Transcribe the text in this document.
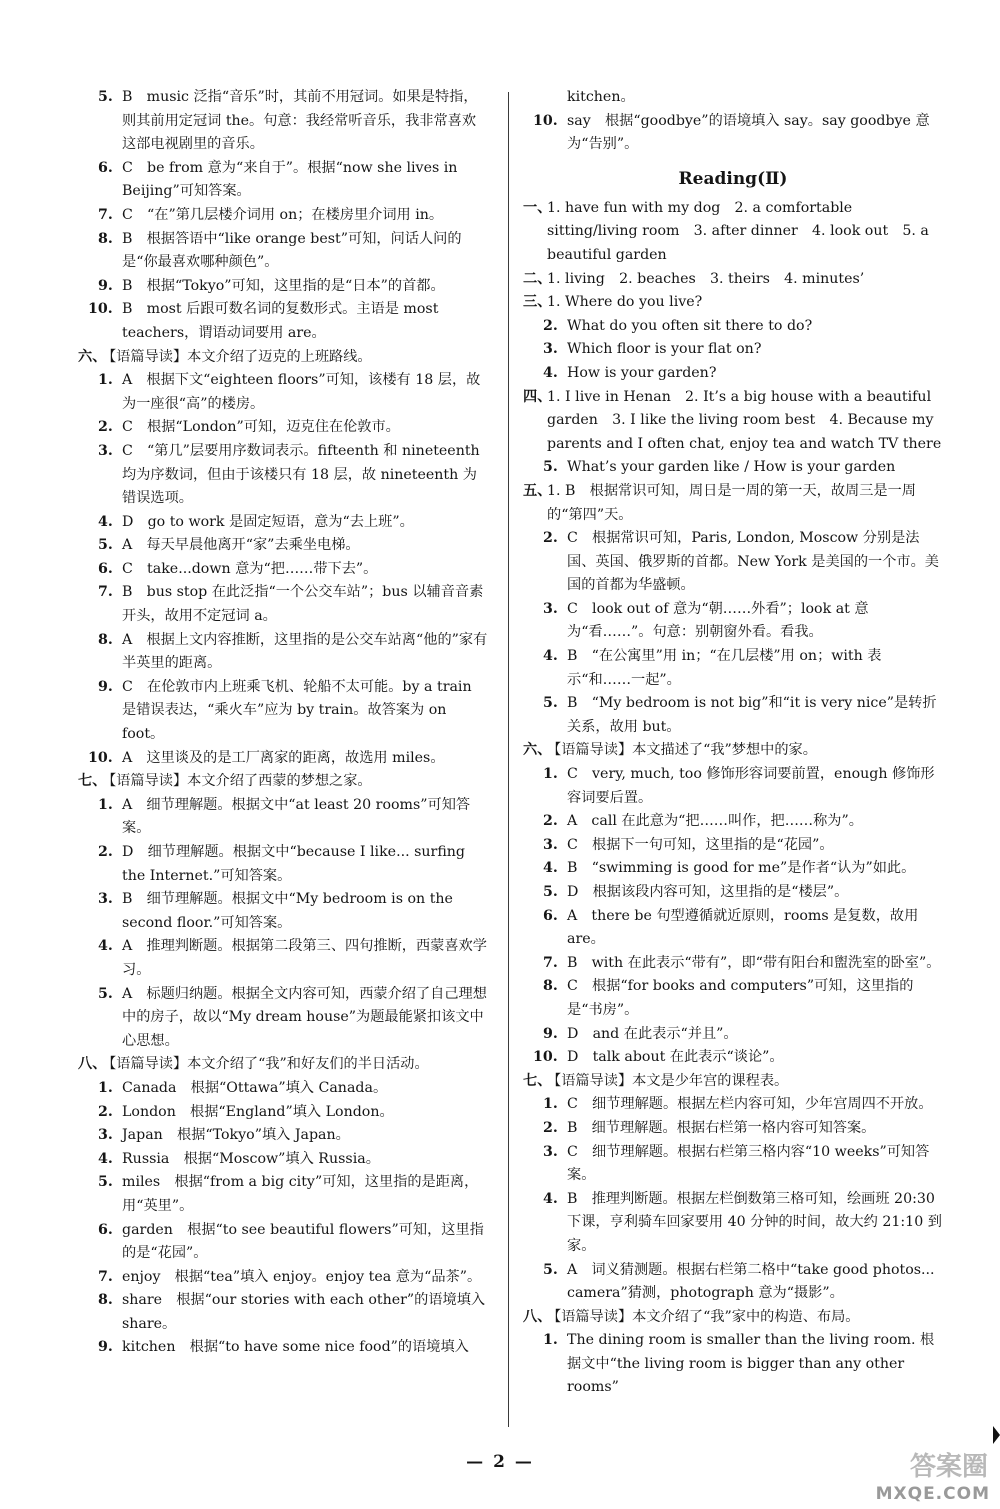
5. B　music 泛指“音乐”时，其前不用冠词。如果是特指，则其前用定冠词 the。句意：我经常听音乐，我非常喜欢这部电视剧里的音乐。
6. C　be from 意为“来自于”。根据“now she lives in Beijing”可知答案。
7. C　“在”第几层楼介词用 on；在楼房里介词用 in。
8. B　根据答语中“like orange best”可知，问话人问的是“你最喜欢哪种颜色”。
9. B　根据“Tokyo”可知，这里指的是“日本”的首都。
10. B　most 后跟可数名词的复数形式。主语是 most teachers，谓语动词要用 are。
六、
【语篇导读】本文介绍了迈克的上班路线。
1. A　根据下文“eighteen floors”可知，该楼有 18 层，故为一座很“高”的楼房。
2. C　根据“London”可知，迈克住在伦敦市。
3. C　“第几”层要用序数词表示。fifteenth 和 nineteenth 均为序数词，但由于该楼只有 18 层，故 nineteenth 为错误选项。
4. D　go to work 是固定短语，意为“去上班”。
5. A　每天早晨他离开“家”去乘坐电梯。
6. C　take...down 意为“把……带下去”。
7. B　bus stop 在此泛指“一个公交车站”；bus 以辅音音素开头，故用不定冠词 a。
8. A　根据上文内容推断，这里指的是公交车站离“他的”家有半英里的距离。
9. C　在伦敦市内上班乘飞机、轮船不太可能。by a train 是错误表达，“乘火车”应为 by train。故答案为 on foot。
10. A　这里谈及的是工厂离家的距离，故选用 miles。
七、
【语篇导读】本文介绍了西蒙的梦想之家。
1. A　细节理解题。根据文中“at least 20 rooms”可知答案。
2. D　细节理解题。根据文中“because I like... surfing the Internet.”可知答案。
3. B　细节理解题。根据文中“My bedroom is on the second floor.”可知答案。
4. A　推理判断题。根据第二段第三、四句推断，西蒙喜欢学习。
5. A　标题归纳题。根据全文内容可知，西蒙介绍了自己理想中的房子，故以“My dream house”为题最能紧扣该文中心思想。
八、
【语篇导读】本文介绍了“我”和好友们的半日活动。
1. Canada　根据“Ottawa”填入 Canada。
2. London　根据“England”填入 London。
3. Japan　根据“Tokyo”填入 Japan。
4. Russia　根据“Moscow”填入 Russia。
5. miles　根据“from a big city”可知，这里指的是距离，用“英里”。
6. garden　根据“to see beautiful flowers”可知，这里指的是“花园”。
7. enjoy　根据“tea”填入 enjoy。enjoy tea 意为“品茶”。
8. share　根据“our stories with each other”的语境填入 share。
9. kitchen　根据“to have some nice food”的语境填入
kitchen。
10. say　根据“goodbye”的语境填入 say。say goodbye 意为“告别”。
Reading(Ⅱ)
一、
1. have fun with my dog　2. a comfortable sitting/living room　3. after dinner　4. look out　5. a beautiful garden
二、
1. living　2. beaches　3. theirs　4. minutes’
三、
1. Where do you live?
2. What do you often sit there to do?
3. Which floor is your flat on?
4. How is your garden?
四、
1. I live in Henan　2. It’s a big house with a beautiful garden　3. I like the living room best　4. Because my parents and I often chat, enjoy tea and watch TV there
5. What’s your garden like / How is your garden
五、
1. B　根据常识可知，周日是一周的第一天，故周三是一周的“第四”天。
2. C　根据常识可知，Paris, London, Moscow 分别是法国、英国、俄罗斯的首都。New York 是美国的一个市。美国的首都为华盛顿。
3. C　look out of 意为“朝……外看”；look at 意为“看……”。句意：别朝窗外看。看我。
4. B　“在公寓里”用 in；“在几层楼”用 on；with 表示“和……一起”。
5. B　“My bedroom is not big”和“it is very nice”是转折关系，故用 but。
六、
【语篇导读】本文描述了“我”梦想中的家。
1. C　very, much, too 修饰形容词要前置，enough 修饰形容词要后置。
2. A　call 在此意为“把……叫作，把……称为”。
3. C　根据下一句可知，这里指的是“花园”。
4. B　“swimming is good for me”是作者“认为”如此。
5. D　根据该段内容可知，这里指的是“楼层”。
6. A　there be 句型遵循就近原则，rooms 是复数，故用 are。
7. B　with 在此表示“带有”，即“带有阳台和盥洗室的卧室”。
8. C　根据“for books and computers”可知，这里指的是“书房”。
9. D　and 在此表示“并且”。
10. D　talk about 在此表示“谈论”。
七、
【语篇导读】本文是少年宫的课程表。
1. C　细节理解题。根据左栏内容可知，少年宫周四不开放。
2. B　细节理解题。根据右栏第一格内容可知答案。
3. C　细节理解题。根据右栏第三格内容“10 weeks”可知答案。
4. B　推理判断题。根据左栏倒数第三格可知，绘画班 20:30 下课，亨利骑车回家要用 40 分钟的时间，故大约 21:10 到家。
5. A　词义猜测题。根据右栏第二格中“take good photos... camera”猜测，photograph 意为“摄影”。
八、
【语篇导读】本文介绍了“我”家中的构造、布局。
1. The dining room is smaller than the living room. 根据文中“the living room is bigger than any other rooms”
— 2 —	答案圈
MXQE.COM
